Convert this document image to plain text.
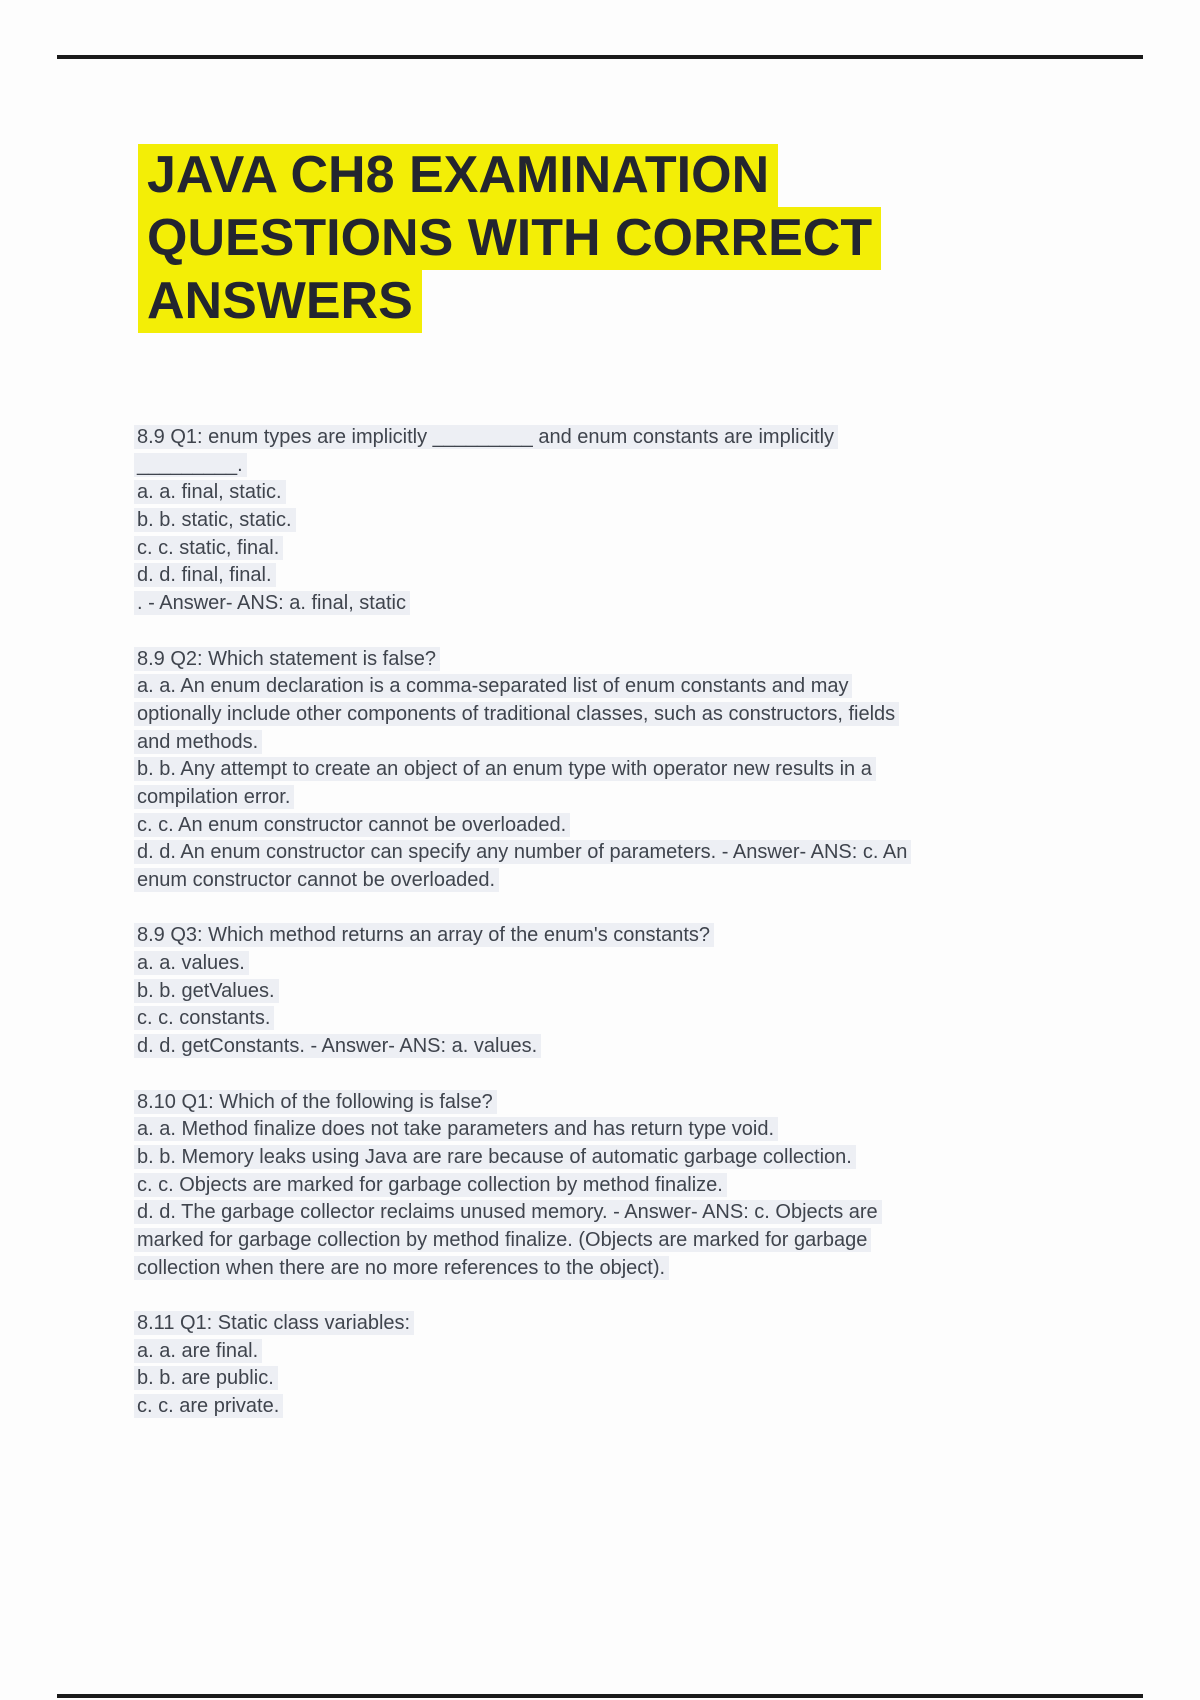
JAVA CH8 EXAMINATION
QUESTIONS WITH CORRECT
ANSWERS
8.9 Q1: enum types are implicitly _________ and enum constants are implicitly
_________.
a. a. final, static.
b. b. static, static.
c. c. static, final.
d. d. final, final.
. - Answer- ANS: a. final, static
8.9 Q2: Which statement is false?
a. a. An enum declaration is a comma-separated list of enum constants and may
optionally include other components of traditional classes, such as constructors, fields
and methods.
b. b. Any attempt to create an object of an enum type with operator new results in a
compilation error.
c. c. An enum constructor cannot be overloaded.
d. d. An enum constructor can specify any number of parameters. - Answer- ANS: c. An
enum constructor cannot be overloaded.
8.9 Q3: Which method returns an array of the enum's constants?
a. a. values.
b. b. getValues.
c. c. constants.
d. d. getConstants. - Answer- ANS: a. values.
8.10 Q1: Which of the following is false?
a. a. Method finalize does not take parameters and has return type void.
b. b. Memory leaks using Java are rare because of automatic garbage collection.
c. c. Objects are marked for garbage collection by method finalize.
d. d. The garbage collector reclaims unused memory. - Answer- ANS: c. Objects are
marked for garbage collection by method finalize. (Objects are marked for garbage
collection when there are no more references to the object).
8.11 Q1: Static class variables:
a. a. are final.
b. b. are public.
c. c. are private.
